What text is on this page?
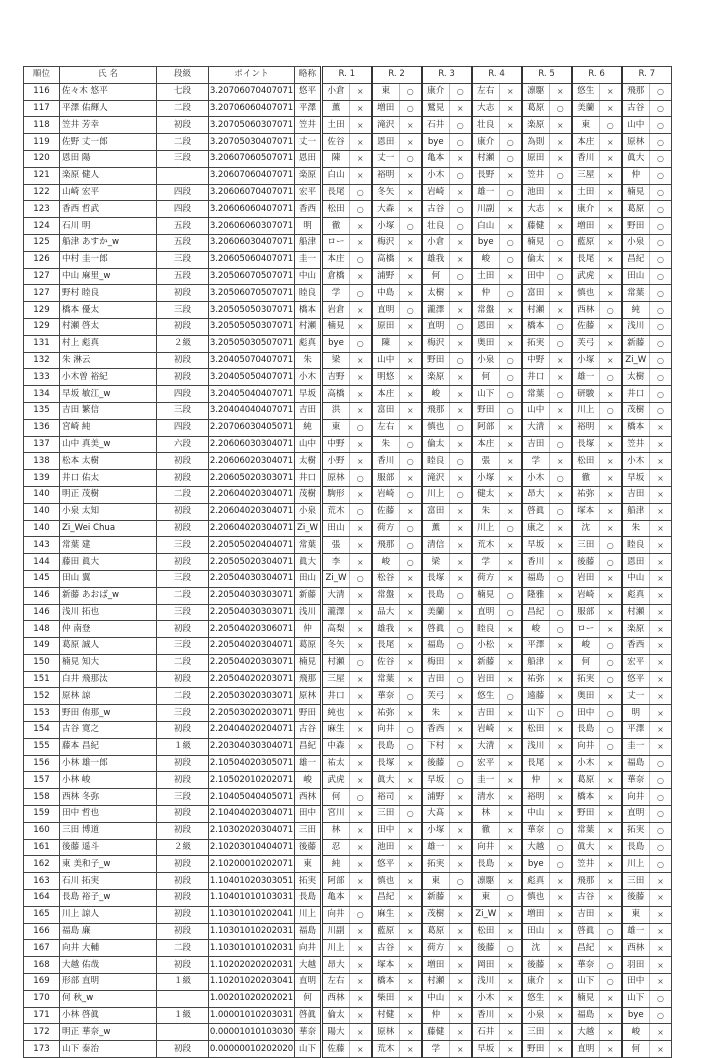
順位	氏 名	段級	ポイント	略称	R. 1		R. 2		R. 3		R. 4		R. 5		R. 6		R. 7	
116	佐々木 悠平	七段	3.20706070407071	悠平	小倉	×	東	○	康介	○	左右	×	凛駆	×	悠生	×	飛那	○
117	平澤 佑輝人	二段	3.20706060407071	平澤	薫	×	増田	○	鷲見	×	大志	×	葛原	○	美蘭	×	古谷	○
118	笠井 芳幸	初段	3.20705060307071	笠井	土田	×	滝沢	×	石井	○	壮良	×	楽原	×	東	○	山中	○
119	佐野 丈一郎	二段	3.20705030407071	丈一	佐谷	×	恩田	×	bye	○	康介	○	為則	×	本庄	×	原林	○
120	恩田 陽	三段	3.20607060507071	恩田	陳	×	丈一	○	亀本	×	村瀬	○	原田	×	香川	×	眞大	○
121	楽原 健人		3.20607060407071	楽原	白山	×	裕明	×	小木	○	長野	×	笠井	○	三屋	×	仲	○
122	山崎 宏平	四段	3.20606070407071	宏平	長尾	○	冬矢	×	岩崎	×	雄一	○	池田	×	土田	×	楠見	○
123	香西 哲武	四段	3.20606060407071	香西	松田	○	大森	×	古谷	○	川副	×	大志	×	康介	×	葛原	○
124	石川 明	五段	3.20606060307071	明	徹	×	小塚	○	壮良	○	白山	×	藤健	×	増田	×	野田	○
125	船津 あすか_w	五段	3.20606030407071	船津	ロー	×	梅沢	×	小倉	×	bye	○	楠見	○	藍原	×	小泉	○
126	中村 圭一郎	三段	3.20605060407071	圭一	本庄	○	高橋	×	雄我	×	峻	○	倫太	×	長尾	×	昌紀	○
127	中山 麻里_w	五段	3.20506070507071	中山	倉橋	×	浦野	×	何	○	土田	×	田中	○	武虎	×	田山	○
127	野村 睦良	初段	3.20506070507071	睦良	学	○	中島	×	太樹	×	仲	○	富田	×	慎也	×	常葉	○
129	橋本 優太	三段	3.20505050307071	橋本	岩倉	×	直明	○	瀧澤	×	常盤	×	村瀬	×	西林	○	純	○
129	村瀬 啓太	初段	3.20505050307071	村瀬	楠見	×	原田	×	直明	○	恩田	×	橋本	○	佐藤	×	浅川	○
131	村上 彪真	２級	3.20505030507071	彪真	bye	○	陳	×	梅沢	×	奥田	×	拓実	○	芙弓	×	新藤	○
132	朱 淋云	初段	3.20405070407071	朱	梁	×	山中	×	野田	○	小泉	○	中野	×	小塚	×	Zi_W	○
133	小木曽 裕紀	初段	3.20405050407071	小木	吉野	×	明悠	×	楽原	×	何	○	井口	×	雄一	○	太樹	○
134	早坂 敏江_w	四段	3.20405040407071	早坂	高橋	×	本庄	×	峻	×	山下	○	常葉	○	研駿	×	井口	○
135	吉田 繁信	三段	3.20404040407071	吉田	洪	×	富田	×	飛那	×	野田	○	山中	×	川上	○	茂樹	○
136	宮崎 純	四段	2.20706030405071	純	東	○	左右	×	慎也	○	阿部	×	大清	×	裕明	×	橋本	×
137	山中 真美_w	六段	2.20606030304071	山中	中野	×	朱	○	倫太	×	本庄	×	吉田	○	長塚	×	笠井	×
138	松本 太樹	初段	2.20606020304071	太樹	小野	×	香川	○	睦良	○	張	×	学	×	松田	×	小木	×
139	井口 佑太	初段	2.20605020303071	井口	原林	○	服部	×	滝沢	×	小塚	×	小木	○	徹	×	早坂	×
140	明正 茂樹	二段	2.20604020304071	茂樹	駒形	×	岩崎	○	川上	○	健太	×	昂大	×	祐弥	×	吉田	×
140	小泉 太知	初段	2.20604020304071	小泉	荒木	○	佐藤	×	富田	×	朱	×	啓眞	○	塚本	×	船津	×
140	Zi_Wei Chua	初段	2.20604020304071	Zi_W	田山	×	荷方	○	薫	×	川上	○	康之	×	沈	×	朱	×
143	常葉 建	三段	2.20505020404071	常葉	張	×	飛那	○	清信	×	荒木	×	早坂	×	三田	○	睦良	×
144	藤田 眞大	初段	2.20505020304071	眞大	李	×	峻	○	梁	×	学	×	香川	×	後藤	○	恩田	×
145	田山 翼	三段	2.20504030304071	田山	Zi_W	○	松谷	×	長塚	×	荷方	×	福島	○	岩田	×	中山	×
146	新藤 あおば_w	二段	2.20504030303071	新藤	大清	×	常盤	×	長島	○	楠見	○	隆雅	×	岩崎	×	彪真	×
146	浅川 拓也	三段	2.20504030303071	浅川	瀧澤	×	品大	×	美蘭	×	直明	○	昌紀	○	服部	×	村瀬	×
148	仲 南登	初段	2.20504020306071	仲	高梨	×	雄我	×	啓眞	○	睦良	×	峻	○	ロー	×	楽原	×
149	葛原 誠人	三段	2.20504020304071	葛原	冬矢	×	長尾	×	福島	○	小松	×	平澤	×	峻	○	香西	×
150	楠見 知大	二段	2.20504020303071	楠見	村瀬	○	佐谷	×	梅田	×	新藤	×	船津	×	何	○	宏平	×
151	白井 飛那汰	初段	2.20504020203071	飛那	三屋	×	常葉	×	吉田	○	岩田	×	祐弥	×	拓実	○	悠平	×
152	原林 諒	二段	2.20503020303071	原林	井口	×	華奈	○	芙弓	×	悠生	○	遠藤	×	奥田	×	丈一	×
153	野田 侑那_w	三段	2.20503020203071	野田	純也	×	祐弥	×	朱	×	吉田	×	山下	○	田中	○	明	×
154	古谷 寛之	初段	2.20404020204071	古谷	麻生	×	向井	○	香西	×	岩崎	×	松田	×	長島	○	平澤	×
155	藤本 昌紀	１級	2.20304030304071	昌紀	中森	×	長島	○	下村	×	大清	×	浅川	×	向井	○	圭一	×
156	小林 雄一郎	初段	2.10504020305071	雄一	祐太	×	長塚	×	後藤	○	宏平	×	長尾	×	小木	×	福島	○
157	小林 峻	初段	2.10502010202071	峻	武虎	×	眞大	×	早坂	○	圭一	×	仲	×	葛原	×	華奈	○
158	西林 冬弥	三段	2.10405040405071	西林	何	○	裕司	×	浦野	×	清水	×	裕明	×	橋本	×	向井	○
159	田中 哲也	初段	2.10404020304071	田中	宮川	×	三田	○	大髙	×	林	×	中山	×	野田	×	直明	○
160	三田 博道	初段	2.10302020304071	三田	林	×	田中	×	小塚	×	徹	×	華奈	○	常葉	×	拓実	○
161	後藤 遥斗	２級	2.10203010404071	後藤	忍	×	池田	×	雄一	×	向井	×	大越	○	眞大	×	長島	○
162	東 美和子_w	初段	2.10200010202071	東	純	×	悠平	×	拓実	×	長島	×	bye	○	笠井	×	川上	○
163	石川 拓実	初段	1.10401020303051	拓実	阿部	×	慎也	×	東	○	凛駆	×	彪真	×	飛那	×	三田	×
164	長島 裕子_w	初段	1.10401010103031	長島	亀本	×	昌紀	×	新藤	×	東	○	慎也	×	古谷	×	後藤	×
165	川上 諒人	初段	1.10301010202041	川上	向井	○	麻生	×	茂樹	×	Zi_W	×	増田	×	吉田	×	東	×
166	福島 廉	初段	1.10301010202031	福島	川副	×	藍原	×	葛原	×	松田	×	田山	×	啓眞	○	雄一	×
167	向井 大輔	二段	1.10301010102031	向井	川上	×	古谷	×	荷方	×	後藤	○	沈	×	昌紀	×	西林	×
168	大越 佑哉	初段	1.10202020202031	大越	昂大	×	塚本	×	増田	×	岡田	×	後藤	×	華奈	○	羽田	×
169	形部 直明	１級	1.10201020203041	直明	左右	×	橋本	×	村瀬	×	浅川	×	康介	×	山下	○	田中	×
170	何 秋_w		1.00201020202021	何	西林	×	柴田	×	中山	×	小木	×	悠生	×	楠見	×	山下	○
171	小林 啓眞	１級	1.00001010203031	啓眞	倫太	×	村健	×	仲	×	香川	×	小泉	×	福島	×	bye	○
172	明正 華奈_w		0.00001010103030	華奈	陽大	×	原林	×	藤健	×	石井	×	三田	×	大越	×	峻	×
173	山下 泰治	初段	0.00000010202020	山下	佐藤	×	荒木	×	学	×	早坂	×	野田	×	直明	×	何	×
